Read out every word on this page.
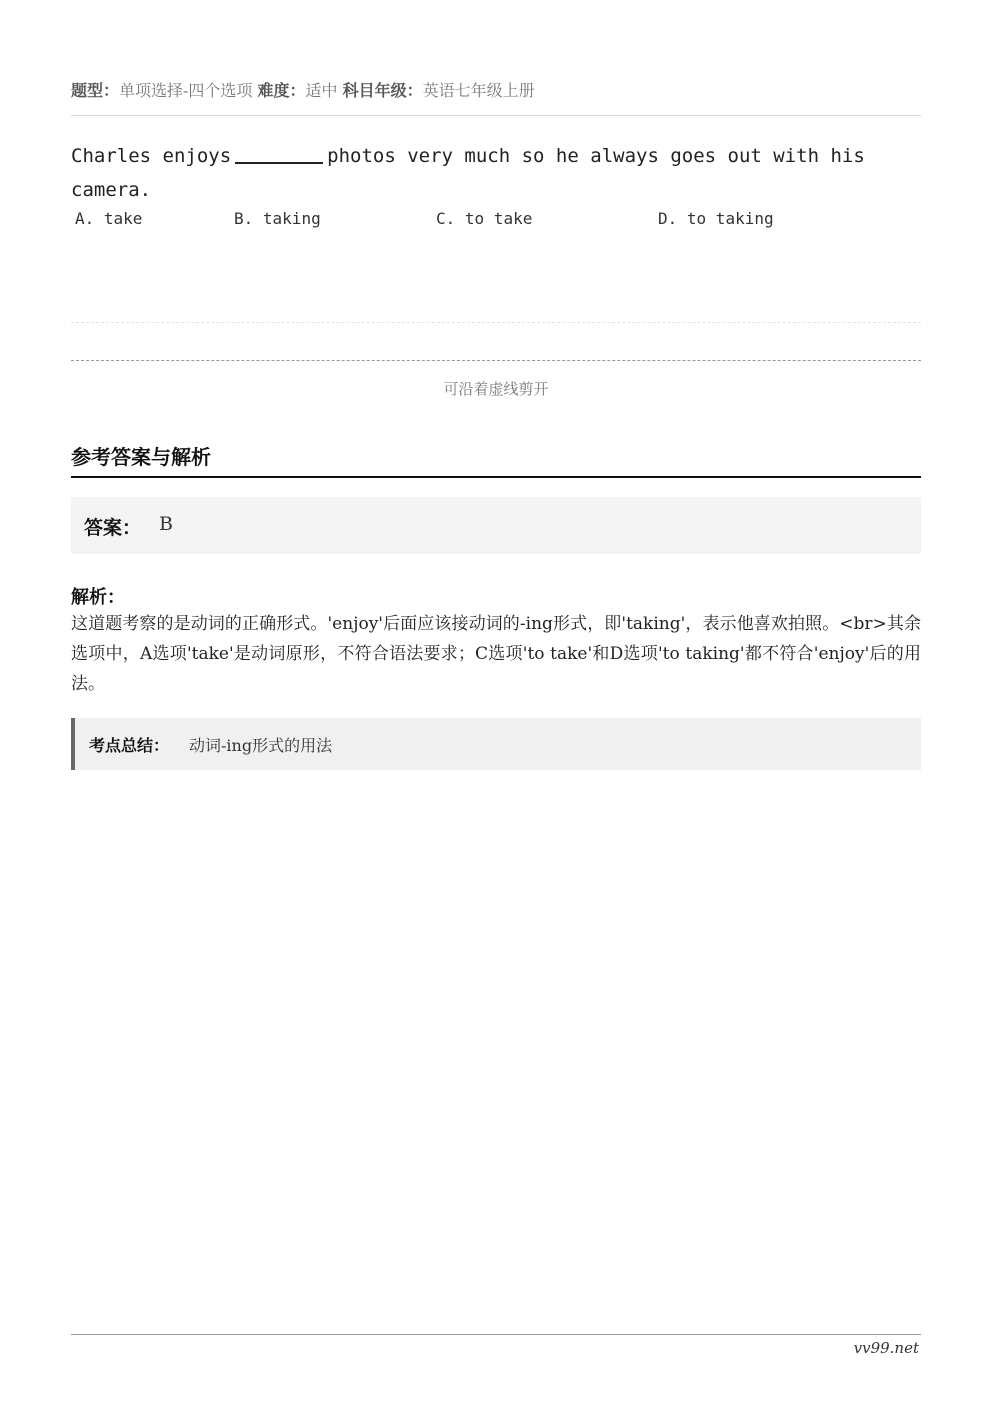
题型：单项选择-四个选项 难度：适中 科目年级：英语七年级上册
Charles enjoys	photos very much so he always goes out with his camera.
A. take	B. taking	C. to take	D. to taking
可沿着虚线剪开
参考答案与解析
答案： B
解析：
这道题考察的是动词的正确形式。'enjoy'后面应该接动词的-ing形式，即'taking'，表示他喜欢拍照。<br>其余选项中，A选项'take'是动词原形，不符合语法要求；C选项'to take'和D选项'to taking'都不符合'enjoy'后的用法。
考点总结： 动词-ing形式的用法
vv99.net
